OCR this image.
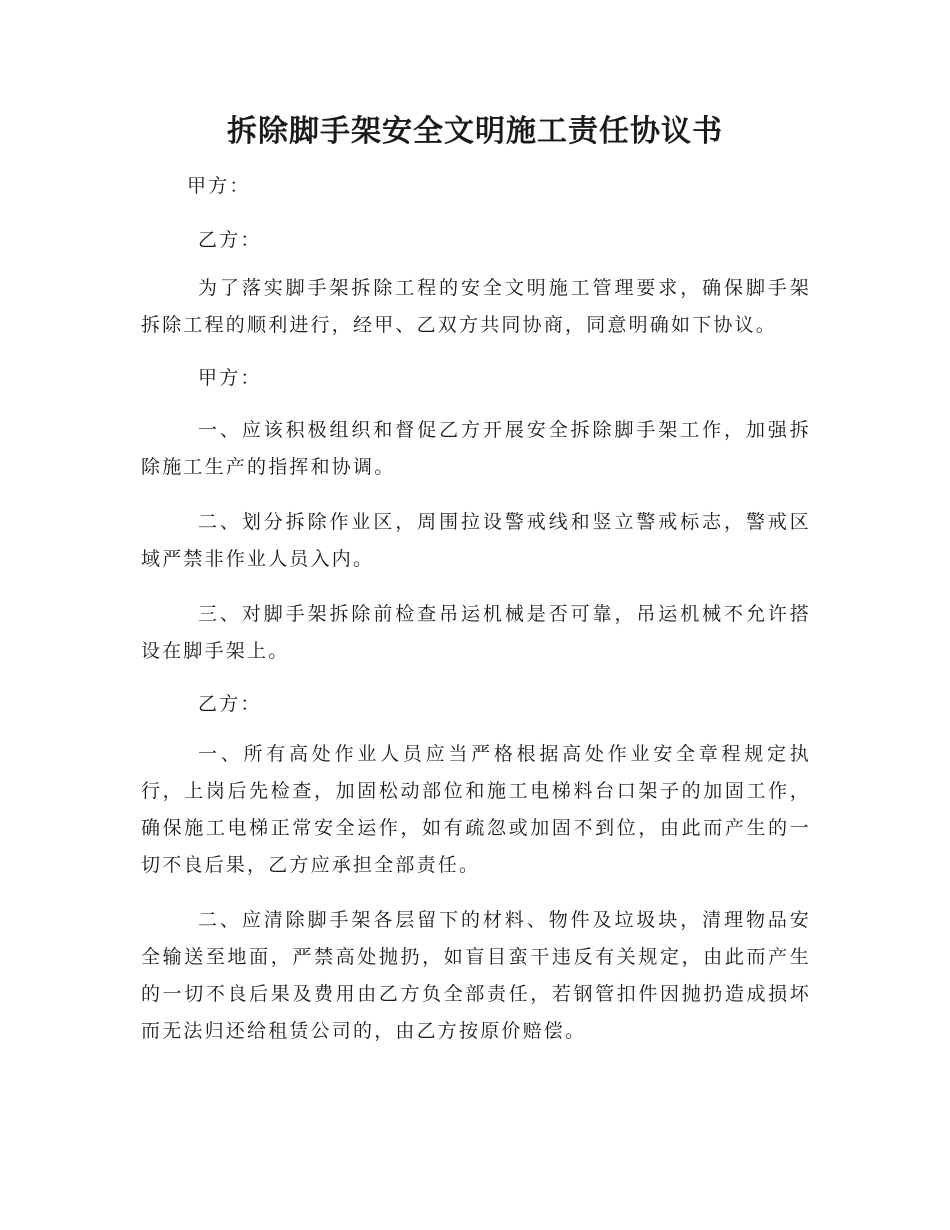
拆除脚手架安全文明施工责任协议书

甲方：

乙方：

为了落实脚手架拆除工程的安全文明施工管理要求，确保脚手架拆除工程的顺利进行，经甲、乙双方共同协商，同意明确如下协议。

甲方：

一、应该积极组织和督促乙方开展安全拆除脚手架工作，加强拆除施工生产的指挥和协调。

二、划分拆除作业区，周围拉设警戒线和竖立警戒标志，警戒区域严禁非作业人员入内。

三、对脚手架拆除前检查吊运机械是否可靠，吊运机械不允许搭设在脚手架上。

乙方：

一、所有高处作业人员应当严格根据高处作业安全章程规定执行，上岗后先检查，加固松动部位和施工电梯料台口架子的加固工作，确保施工电梯正常安全运作，如有疏忽或加固不到位，由此而产生的一切不良后果，乙方应承担全部责任。

二、应清除脚手架各层留下的材料、物件及垃圾块，清理物品安全输送至地面，严禁高处抛扔，如盲目蛮干违反有关规定，由此而产生的一切不良后果及费用由乙方负全部责任，若钢管扣件因抛扔造成损坏而无法归还给租赁公司的，由乙方按原价赔偿。
